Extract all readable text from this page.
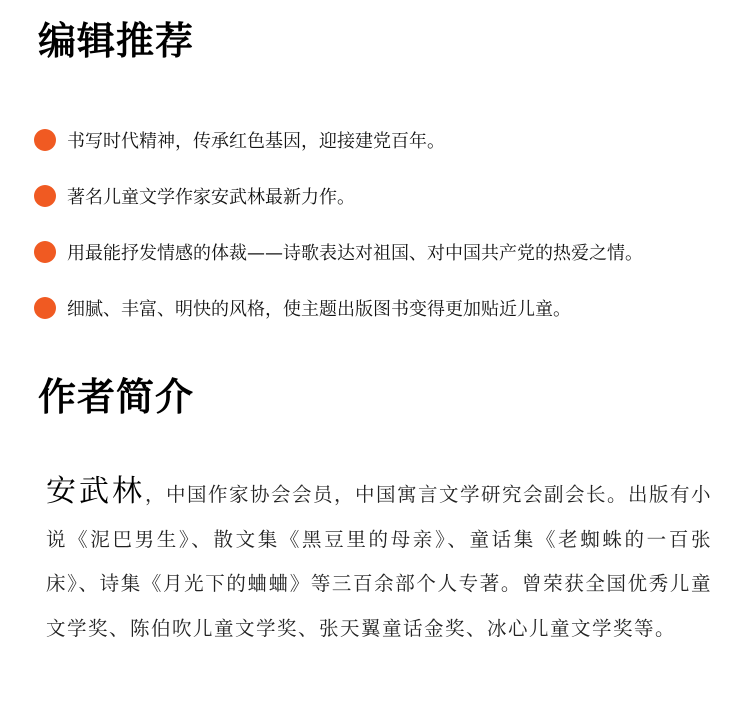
编辑推荐
书写时代精神，传承红色基因，迎接建党百年。
著名儿童文学作家安武林最新力作。
用最能抒发情感的体裁——诗歌表达对祖国、对中国共产党的热爱之情。
细腻、丰富、明快的风格，使主题出版图书变得更加贴近儿童。
作者简介

安武林，中国作家协会会员，中国寓言文学研究会副会长。出版有小说《泥巴男生》、散文集《黑豆里的母亲》、童话集《老蜘蛛的一百张床》、诗集《月光下的蛐蛐》等三百余部个人专著。曾荣获全国优秀儿童文学奖、陈伯吹儿童文学奖、张天翼童话金奖、冰心儿童文学奖等。
